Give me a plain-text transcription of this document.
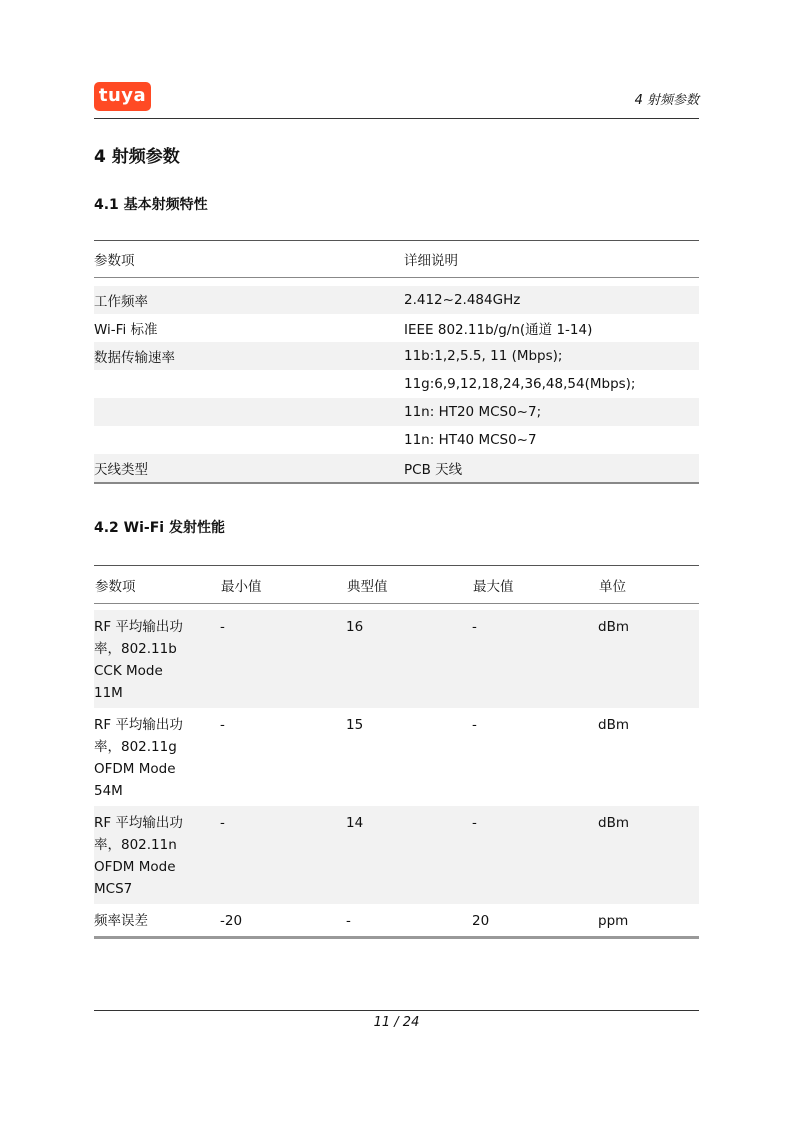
tuya	4 射频参数
4 射频参数
4.1 基本射频特性
参数项	详细说明

工作频率	2.412~2.484GHz
Wi-Fi 标准	IEEE 802.11b/g/n(通道 1-14)
数据传输速率	11b:1,2,5.5, 11 (Mbps);
	11g:6,9,12,18,24,36,48,54(Mbps);
	11n: HT20 MCS0~7;
	11n: HT40 MCS0~7
天线类型	PCB 天线
4.2 Wi-Fi 发射性能
参数项	最小值	典型值	最大值	单位

RF 平均输出功
率，802.11b
CCK Mode
11M	-	16	-	dBm

RF 平均输出功
率，802.11g
OFDM Mode
54M	-	15	-	dBm

RF 平均输出功
率，802.11n
OFDM Mode
MCS7	-	14	-	dBm

频率误差	-20	-	20	ppm
11 / 24
